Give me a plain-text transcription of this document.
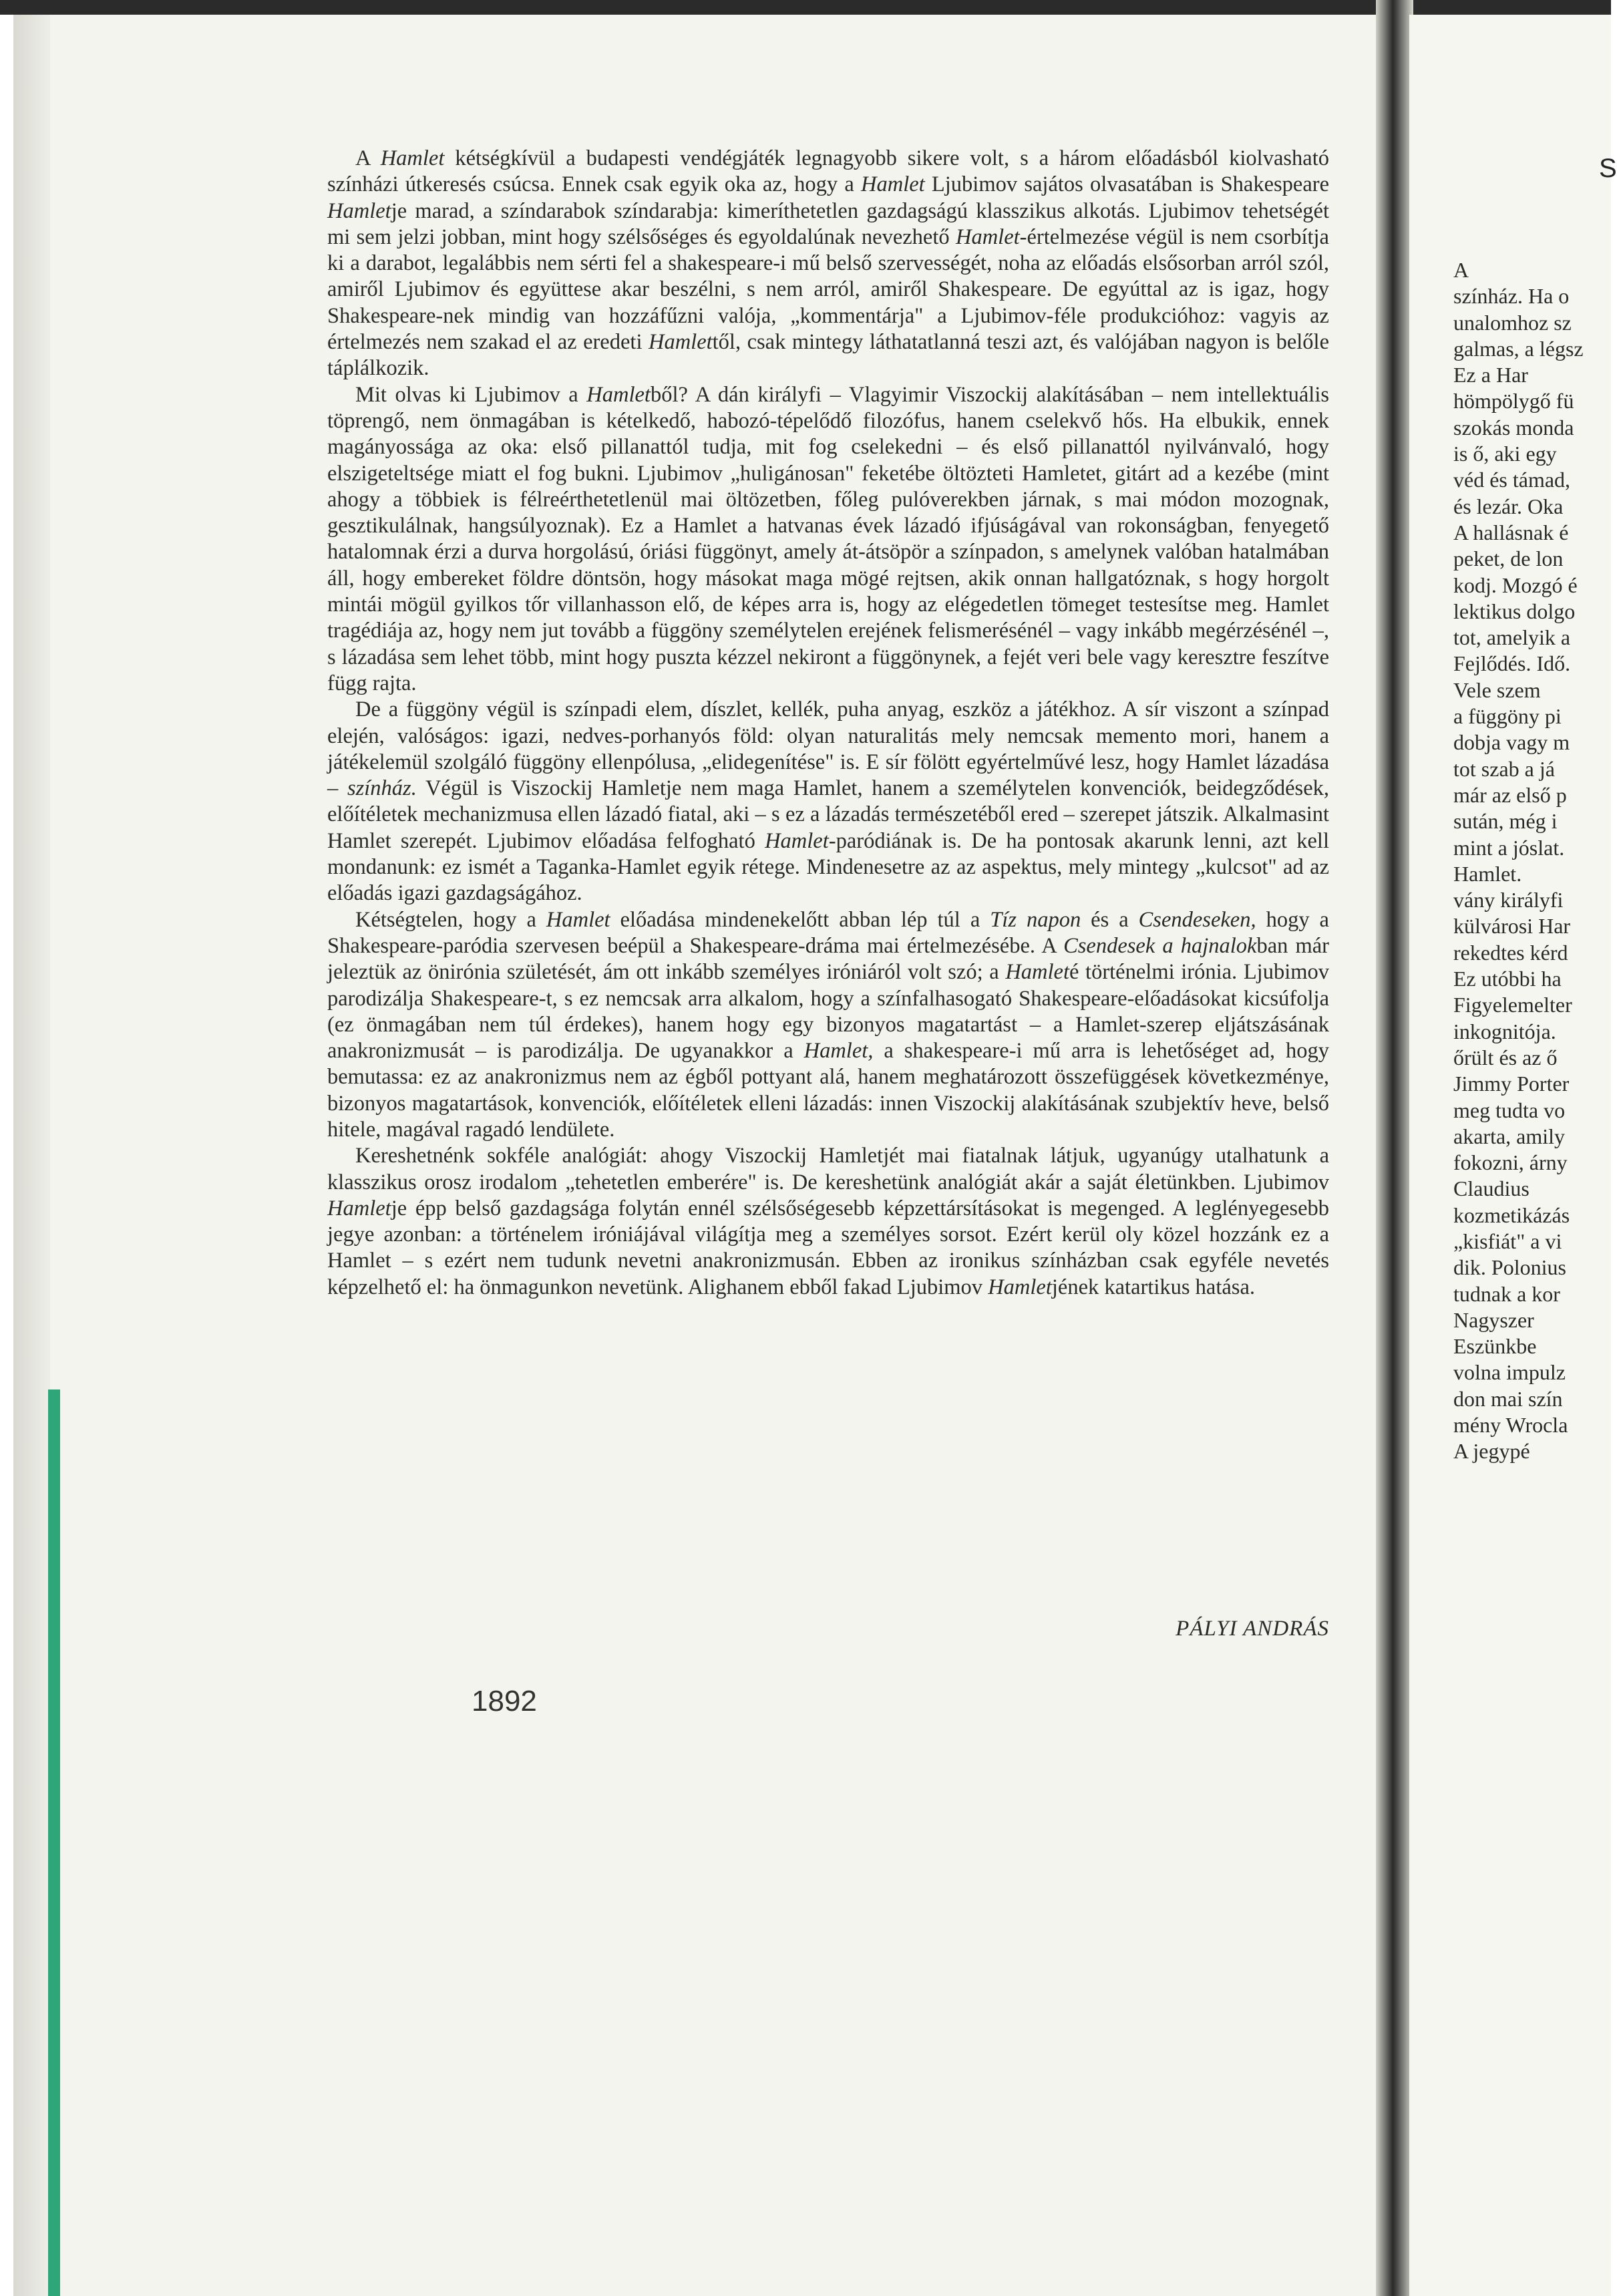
A Hamlet kétségkívül a budapesti vendégjáték legnagyobb sikere volt, s a három előadásból kiolvasható színházi útkeresés csúcsa. Ennek csak egyik oka az, hogy a Hamlet Ljubimov sajátos olvasatában is Shakespeare Hamletje marad, a színdarabok színdarabja: kimeríthetetlen gazdagságú klasszikus alkotás. Ljubimov tehetségét mi sem jelzi jobban, mint hogy szélsőséges és egyoldalúnak nevezhető Hamlet-értelmezése végül is nem csorbítja ki a darabot, legalábbis nem sérti fel a shakespeare-i mű belső szervességét, noha az előadás elsősorban arról szól, amiről Ljubimov és együttese akar beszélni, s nem arról, amiről Shakespeare. De egyúttal az is igaz, hogy Shakespeare-nek mindig van hozzáfűzni valója, „kommentárja" a Ljubimov-féle produkcióhoz: vagyis az értelmezés nem szakad el az eredeti Hamlettől, csak mintegy láthatatlanná teszi azt, és valójában nagyon is belőle táplálkozik.

Mit olvas ki Ljubimov a Hamletből? A dán királyfi – Vlagyimir Viszockij alakításában – nem intellektuális töprengő, nem önmagában is kételkedő, habozó-tépelődő filozófus, hanem cselekvő hős. Ha elbukik, ennek magányossága az oka: első pillanattól tudja, mit fog cselekedni – és első pillanattól nyilvánvaló, hogy elszigeteltsége miatt el fog bukni. Ljubimov „huligánosan" feketébe öltözteti Hamletet, gitárt ad a kezébe (mint ahogy a többiek is félreérthetetlenül mai öltözetben, főleg pulóverekben járnak, s mai módon mozognak, gesztikulálnak, hangsúlyoznak). Ez a Hamlet a hatvanas évek lázadó ifjúságával van rokonságban, fenyegető hatalomnak érzi a durva horgolású, óriási függönyt, amely át-átsöpör a színpadon, s amelynek valóban hatalmában áll, hogy embereket földre döntsön, hogy másokat maga mögé rejtsen, akik onnan hallgatóznak, s hogy horgolt mintái mögül gyilkos tőr villanhasson elő, de képes arra is, hogy az elégedetlen tömeget testesítse meg. Hamlet tragédiája az, hogy nem jut tovább a függöny személytelen erejének felismerésénél – vagy inkább megérzésénél –, s lázadása sem lehet több, mint hogy puszta kézzel nekiront a függönynek, a fejét veri bele vagy keresztre feszítve függ rajta.

De a függöny végül is színpadi elem, díszlet, kellék, puha anyag, eszköz a játékhoz. A sír viszont a színpad elején, valóságos: igazi, nedves-porhanyós föld: olyan naturalitás mely nemcsak memento mori, hanem a játékelemül szolgáló függöny ellenpólusa, „elidegenítése" is. E sír fölött egyértelművé lesz, hogy Hamlet lázadása – színház. Végül is Viszockij Hamletje nem maga Hamlet, hanem a személytelen konvenciók, beidegződések, előítéletek mechanizmusa ellen lázadó fiatal, aki – s ez a lázadás természetéből ered – szerepet játszik. Alkalmasint Hamlet szerepét. Ljubimov előadása felfogható Hamlet-paródiának is. De ha pontosak akarunk lenni, azt kell mondanunk: ez ismét a Taganka-Hamlet egyik rétege. Mindenesetre az az aspektus, mely mintegy „kulcsot" ad az előadás igazi gazdagságához.

Kétségtelen, hogy a Hamlet előadása mindenekelőtt abban lép túl a Tíz napon és a Csendeseken, hogy a Shakespeare-paródia szervesen beépül a Shakespeare-dráma mai értelmezésébe. A Csendesek a hajnalokban már jeleztük az önirónia születését, ám ott inkább személyes iróniáról volt szó; a Hamleté történelmi irónia. Ljubimov parodizálja Shakespeare-t, s ez nemcsak arra alkalom, hogy a színfalhasogató Shakespeare-előadásokat kicsúfolja (ez önmagában nem túl érdekes), hanem hogy egy bizonyos magatartást – a Hamlet-szerep eljátszásának anakronizmusát – is parodizálja. De ugyanakkor a Hamlet, a shakespeare-i mű arra is lehetőséget ad, hogy bemutassa: ez az anakronizmus nem az égből pottyant alá, hanem meghatározott összefüggések következménye, bizonyos magatartások, konvenciók, előítéletek elleni lázadás: innen Viszockij alakításának szubjektív heve, belső hitele, magával ragadó lendülete.

Kereshetnénk sokféle analógiát: ahogy Viszockij Hamletjét mai fiatalnak látjuk, ugyanúgy utalhatunk a klasszikus orosz irodalom „tehetetlen emberére" is. De kereshetünk analógiát akár a saját életünkben. Ljubimov Hamletje épp belső gazdagsága folytán ennél szélsőségesebb képzettársításokat is megenged. A leglényegesebb jegye azonban: a történelem iróniájával világítja meg a személyes sorsot. Ezért kerül oly közel hozzánk ez a Hamlet – s ezért nem tudunk nevetni anakronizmusán. Ebben az ironikus színházban csak egyféle nevetés képzelhető el: ha önmagunkon nevetünk. Alighanem ebből fakad Ljubimov Hamletjének katartikus hatása.

PÁLYI ANDRÁS
1892
S
A
színház. Ha o
unalomhoz sz
galmas, a légsz
Ez a Har
hömpölygő fü
szokás monda
is ő, aki egy
véd és támad,
és lezár. Oka
A hallásnak é
peket, de lon
kodj. Mozgó é
lektikus dolgo
tot, amelyik a
Fejlődés. Idő.
Vele szem
a függöny pi
dobja vagy m
tot szab a já
már az első p
sután, még i
mint a jóslat.
Hamlet.
vány királyfi
külvárosi Har
rekedtes kérd
Ez utóbbi ha
Figyelemelter
inkognitója.
őrült és az ő
Jimmy Porter
meg tudta vo
akarta, amily
fokozni, árny
Claudius
kozmetikázás
„kisfiát" a vi
dik. Polonius
tudnak a kor
Nagyszer
Eszünkbe
volna impulz
don mai szín
mény Wrocla
A jegypé
